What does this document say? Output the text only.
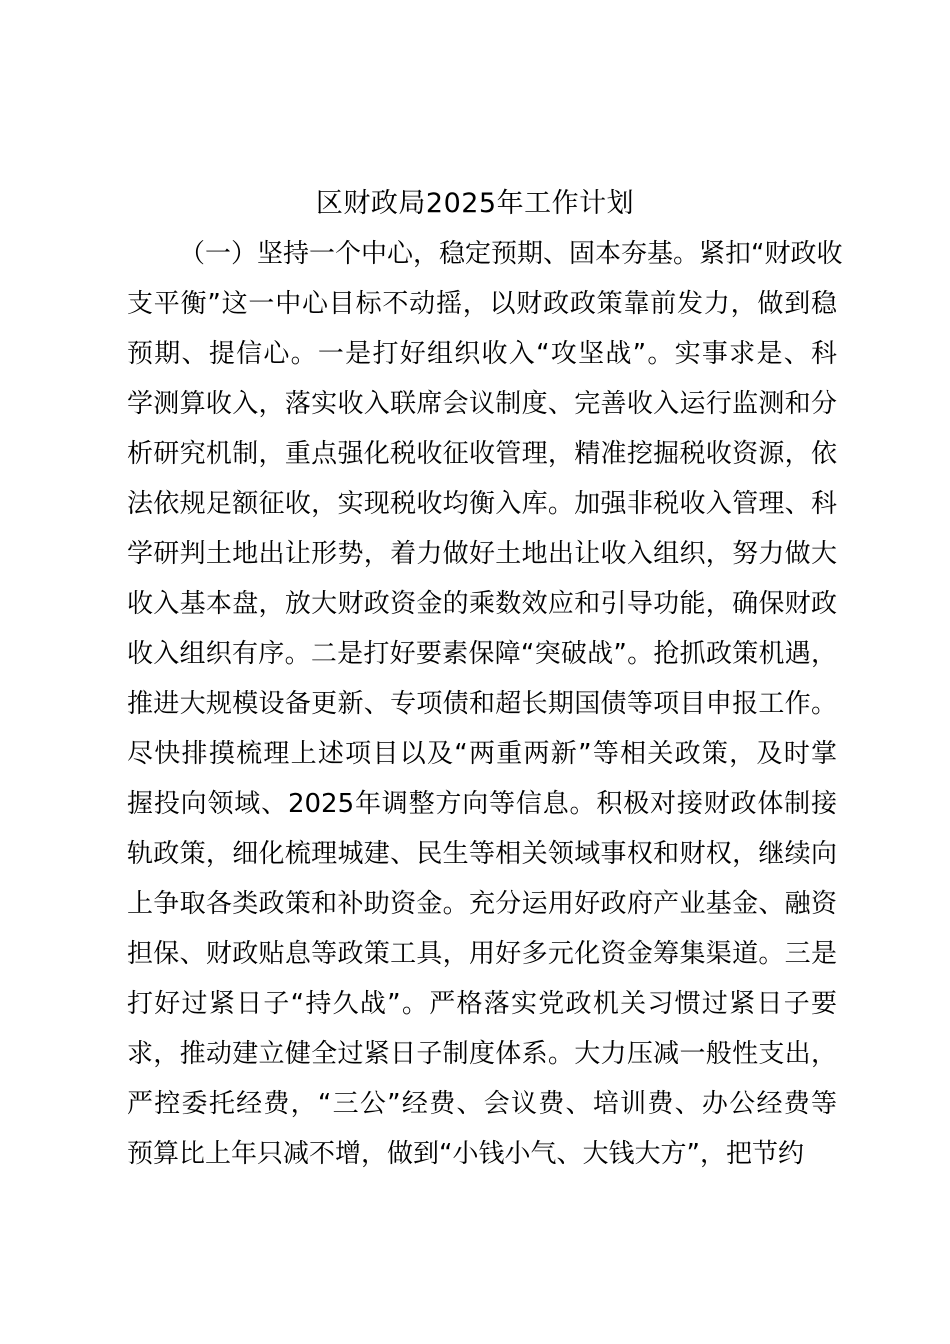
区财政局2025年工作计划
（一）坚持一个中心，稳定预期、固本夯基。紧扣“财政收
支平衡”这一中心目标不动摇，以财政政策靠前发力，做到稳
预期、提信心。一是打好组织收入“攻坚战”。实事求是、科
学测算收入，落实收入联席会议制度、完善收入运行监测和分
析研究机制，重点强化税收征收管理，精准挖掘税收资源，依
法依规足额征收，实现税收均衡入库。加强非税收入管理、科
学研判土地出让形势，着力做好土地出让收入组织，努力做大
收入基本盘，放大财政资金的乘数效应和引导功能，确保财政
收入组织有序。二是打好要素保障“突破战”。抢抓政策机遇，
推进大规模设备更新、专项债和超长期国债等项目申报工作。
尽快排摸梳理上述项目以及“两重两新”等相关政策，及时掌
握投向领域、2025年调整方向等信息。积极对接财政体制接
轨政策，细化梳理城建、民生等相关领域事权和财权，继续向
上争取各类政策和补助资金。充分运用好政府产业基金、融资
担保、财政贴息等政策工具，用好多元化资金筹集渠道。三是
打好过紧日子“持久战”。严格落实党政机关习惯过紧日子要
求，推动建立健全过紧日子制度体系。大力压减一般性支出，
严控委托经费，“三公”经费、会议费、培训费、办公经费等
预算比上年只减不增，做到“小钱小气、大钱大方”，把节约
